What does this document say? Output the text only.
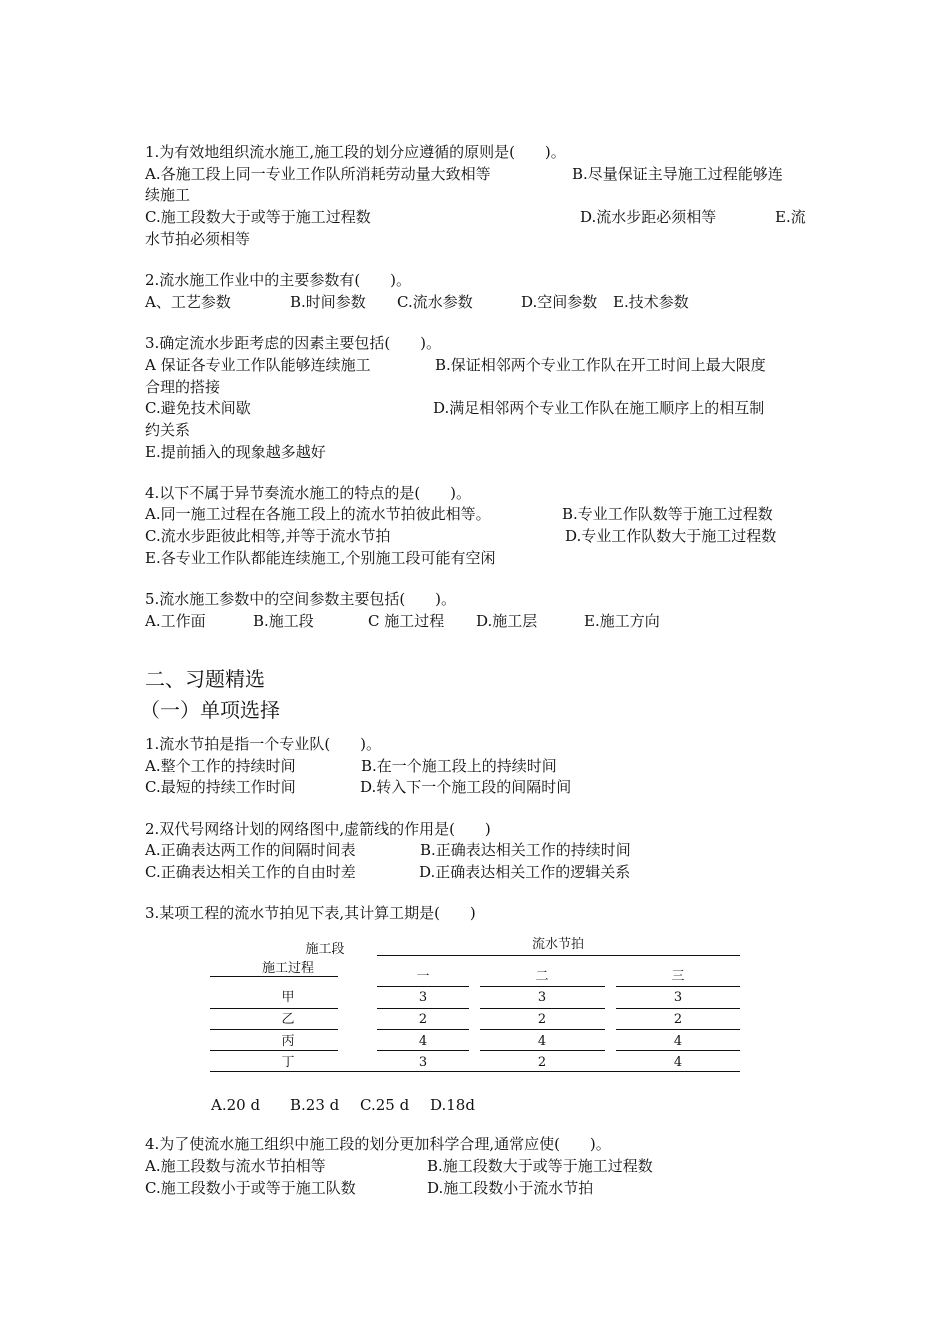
1.为有效地组织流水施工,施工段的划分应遵循的原则是(　　)。
A.各施工段上同一专业工作队所消耗劳动量大致相等	B.尽量保证主导施工过程能够连
续施工
C.施工段数大于或等于施工过程数	D.流水步距必须相等	E.流
水节拍必须相等
2.流水施工作业中的主要参数有(　　)。
A、工艺参数	B.时间参数 C.流水参数	D.空间参数 E.技术参数
3.确定流水步距考虑的因素主要包括(　　)。
A 保证各专业工作队能够连续施工	B.保证相邻两个专业工作队在开工时间上最大限度
合理的搭接
C.避免技术间歇	D.满足相邻两个专业工作队在施工顺序上的相互制
约关系
E.提前插入的现象越多越好
4.以下不属于异节奏流水施工的特点的是(　　)。
A.同一施工过程在各施工段上的流水节拍彼此相等。	B.专业工作队数等于施工过程数
C.流水步距彼此相等,并等于流水节拍	D.专业工作队数大于施工过程数
E.各专业工作队都能连续施工,个别施工段可能有空闲
5.流水施工参数中的空间参数主要包括(　　)。
A.工作面	B.施工段	C 施工过程 D.施工层	E.施工方向
二、习题精选
（一）单项选择
1.流水节拍是指一个专业队(　　)。
A.整个工作的持续时间	B.在一个施工段上的持续时间
C.最短的持续工作时间	D.转入下一个施工段的间隔时间
2.双代号网络计划的网络图中,虚箭线的作用是(　　)
A.正确表达两工作的间隔时间表	B.正确表达相关工作的持续时间
C.正确表达相关工作的自由时差	D.正确表达相关工作的逻辑关系
3.某项工程的流水节拍见下表,其计算工期是(　　)
施工段
施工过程
流水节拍
一	二	三
甲	3	3	3
乙	2	2	2
丙	4	4	4
丁	3	2	4
A.20 d B.23 d C.25 d D.18d
4.为了使流水施工组织中施工段的划分更加科学合理,通常应使(　　)。
A.施工段数与流水节拍相等	B.施工段数大于或等于施工过程数
C.施工段数小于或等于施工队数	D.施工段数小于流水节拍
